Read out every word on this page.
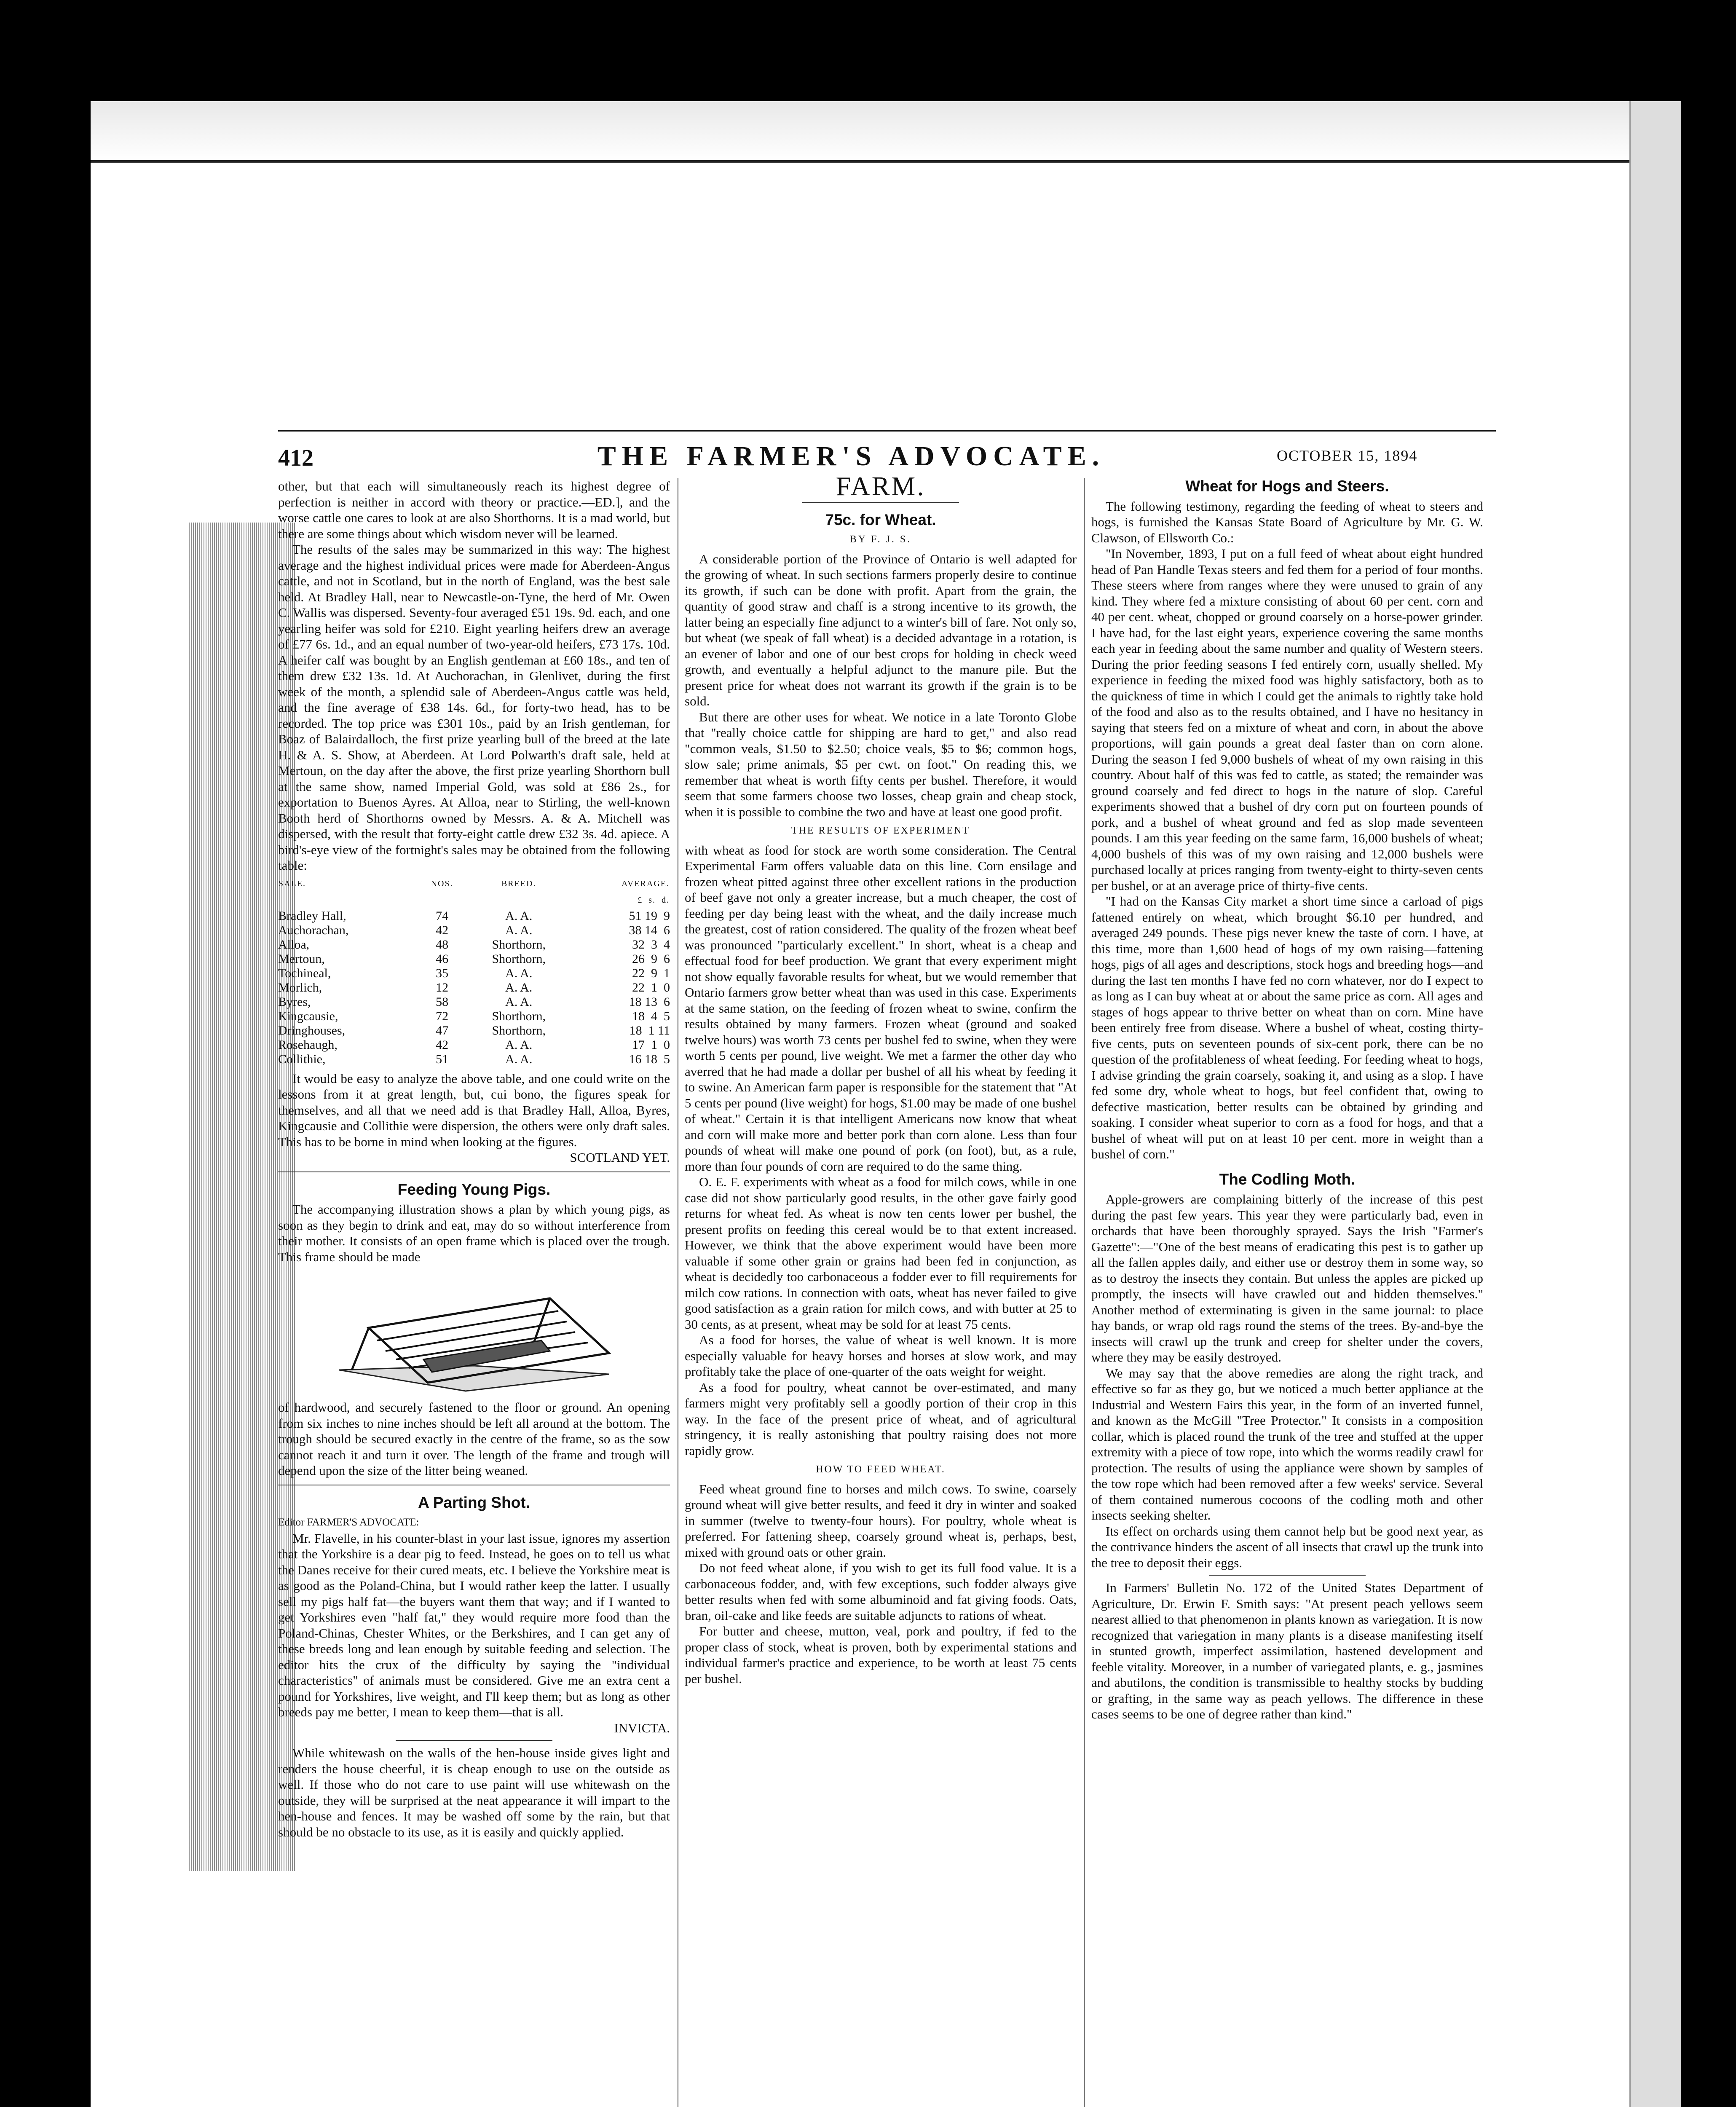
412	THE FARMER'S ADVOCATE.	OCTOBER 15, 1894

other, but that each will simultaneously reach its highest degree of perfection is neither in accord with theory or practice.—ED.], and the worse cattle one cares to look at are also Shorthorns. It is a mad world, but there are some things about which wisdom never will be learned.

The results of the sales may be summarized in this way: The highest average and the highest individual prices were made for Aberdeen-Angus cattle, and not in Scotland, but in the north of England, was the best sale held. At Bradley Hall, near to Newcastle-on-Tyne, the herd of Mr. Owen C. Wallis was dispersed. Seventy-four averaged £51 19s. 9d. each, and one yearling heifer was sold for £210. Eight yearling heifers drew an average of £77 6s. 1d., and an equal number of two-year-old heifers, £73 17s. 10d. A heifer calf was bought by an English gentleman at £60 18s., and ten of them drew £32 13s. 1d. At Auchorachan, in Glenlivet, during the first week of the month, a splendid sale of Aberdeen-Angus cattle was held, and the fine average of £38 14s. 6d., for forty-two head, has to be recorded. The top price was £301 10s., paid by an Irish gentleman, for Boaz of Balairdalloch, the first prize yearling bull of the breed at the late H. & A. S. Show, at Aberdeen. At Lord Polwarth's draft sale, held at Mertoun, on the day after the above, the first prize yearling Shorthorn bull at the same show, named Imperial Gold, was sold at £86 2s., for exportation to Buenos Ayres. At Alloa, near to Stirling, the well-known Booth herd of Shorthorns owned by Messrs. A. & A. Mitchell was dispersed, with the result that forty-eight cattle drew £32 3s. 4d. apiece. A bird's-eye view of the fortnight's sales may be obtained from the following table:

SALE.	NOS.	BREED.	AVERAGE.
			£  s.  d.
Bradley Hall,	74	A. A.	51 19  9
Auchorachan,	42	A. A.	38 14  6
Alloa,	48	Shorthorn,	32  3  4
Mertoun,	46	Shorthorn,	26  9  6
Tochineal,	35	A. A.	22  9  1
Morlich,	12	A. A.	22  1  0
Byres,	58	A. A.	18 13  6
Kingcausie,	72	Shorthorn,	18  4  5
Dringhouses,	47	Shorthorn,	18  1 11
Rosehaugh,	42	A. A.	17  1  0
Collithie,	51	A. A.	16 18  5

It would be easy to analyze the above table, and one could write on the lessons from it at great length, but, cui bono, the figures speak for themselves, and all that we need add is that Bradley Hall, Alloa, Byres, Kingcausie and Collithie were dispersion, the others were only draft sales. This has to be borne in mind when looking at the figures.

SCOTLAND YET.
Feeding Young Pigs.

The accompanying illustration shows a plan by which young pigs, as soon as they begin to drink and eat, may do so without interference from their mother. It consists of an open frame which is placed over the trough. This frame should be made

of hardwood, and securely fastened to the floor or ground. An opening from six inches to nine inches should be left all around at the bottom. The trough should be secured exactly in the centre of the frame, so as the sow cannot reach it and turn it over. The length of the frame and trough will depend upon the size of the litter being weaned.

A Parting Shot.
Editor FARMER'S ADVOCATE:

Mr. Flavelle, in his counter-blast in your last issue, ignores my assertion that the Yorkshire is a dear pig to feed. Instead, he goes on to tell us what the Danes receive for their cured meats, etc. I believe the Yorkshire meat is as good as the Poland-China, but I would rather keep the latter. I usually sell my pigs half fat—the buyers want them that way; and if I wanted to get Yorkshires even "half fat," they would require more food than the Poland-Chinas, Chester Whites, or the Berkshires, and I can get any of these breeds long and lean enough by suitable feeding and selection. The editor hits the crux of the difficulty by saying the "individual characteristics" of animals must be considered. Give me an extra cent a pound for Yorkshires, live weight, and I'll keep them; but as long as other breeds pay me better, I mean to keep them—that is all.

INVICTA.

While whitewash on the walls of the hen-house inside gives light and renders the house cheerful, it is cheap enough to use on the outside as well. If those who do not care to use paint will use whitewash on the outside, they will be surprised at the neat appearance it will impart to the hen-house and fences. It may be washed off some by the rain, but that should be no obstacle to its use, as it is easily and quickly applied.

FARM.
75c. for Wheat.
BY F. J. S.

A considerable portion of the Province of Ontario is well adapted for the growing of wheat. In such sections farmers properly desire to continue its growth, if such can be done with profit. Apart from the grain, the quantity of good straw and chaff is a strong incentive to its growth, the latter being an especially fine adjunct to a winter's bill of fare. Not only so, but wheat (we speak of fall wheat) is a decided advantage in a rotation, is an evener of labor and one of our best crops for holding in check weed growth, and eventually a helpful adjunct to the manure pile. But the present price for wheat does not warrant its growth if the grain is to be sold.

But there are other uses for wheat. We notice in a late Toronto Globe that "really choice cattle for shipping are hard to get," and also read "common veals, $1.50 to $2.50; choice veals, $5 to $6; common hogs, slow sale; prime animals, $5 per cwt. on foot." On reading this, we remember that wheat is worth fifty cents per bushel. Therefore, it would seem that some farmers choose two losses, cheap grain and cheap stock, when it is possible to combine the two and have at least one good profit.

THE RESULTS OF EXPERIMENT

with wheat as food for stock are worth some consideration. The Central Experimental Farm offers valuable data on this line. Corn ensilage and frozen wheat pitted against three other excellent rations in the production of beef gave not only a greater increase, but a much cheaper, the cost of feeding per day being least with the wheat, and the daily increase much the greatest, cost of ration considered. The quality of the frozen wheat beef was pronounced "particularly excellent." In short, wheat is a cheap and effectual food for beef production. We grant that every experiment might not show equally favorable results for wheat, but we would remember that Ontario farmers grow better wheat than was used in this case. Experiments at the same station, on the feeding of frozen wheat to swine, confirm the results obtained by many farmers. Frozen wheat (ground and soaked twelve hours) was worth 73 cents per bushel fed to swine, when they were worth 5 cents per pound, live weight. We met a farmer the other day who averred that he had made a dollar per bushel of all his wheat by feeding it to swine. An American farm paper is responsible for the statement that "At 5 cents per pound (live weight) for hogs, $1.00 may be made of one bushel of wheat." Certain it is that intelligent Americans now know that wheat and corn will make more and better pork than corn alone. Less than four pounds of wheat will make one pound of pork (on foot), but, as a rule, more than four pounds of corn are required to do the same thing.

O. E. F. experiments with wheat as a food for milch cows, while in one case did not show particularly good results, in the other gave fairly good returns for wheat fed. As wheat is now ten cents lower per bushel, the present profits on feeding this cereal would be to that extent increased. However, we think that the above experiment would have been more valuable if some other grain or grains had been fed in conjunction, as wheat is decidedly too carbonaceous a fodder ever to fill requirements for milch cow rations. In connection with oats, wheat has never failed to give good satisfaction as a grain ration for milch cows, and with butter at 25 to 30 cents, as at present, wheat may be sold for at least 75 cents.

As a food for horses, the value of wheat is well known. It is more especially valuable for heavy horses and horses at slow work, and may profitably take the place of one-quarter of the oats weight for weight.

As a food for poultry, wheat cannot be over-estimated, and many farmers might very profitably sell a goodly portion of their crop in this way. In the face of the present price of wheat, and of agricultural stringency, it is really astonishing that poultry raising does not more rapidly grow.

HOW TO FEED WHEAT.

Feed wheat ground fine to horses and milch cows. To swine, coarsely ground wheat will give better results, and feed it dry in winter and soaked in summer (twelve to twenty-four hours). For poultry, whole wheat is preferred. For fattening sheep, coarsely ground wheat is, perhaps, best, mixed with ground oats or other grain.

Do not feed wheat alone, if you wish to get its full food value. It is a carbonaceous fodder, and, with few exceptions, such fodder always give better results when fed with some albuminoid and fat giving foods. Oats, bran, oil-cake and like feeds are suitable adjuncts to rations of wheat.

For butter and cheese, mutton, veal, pork and poultry, if fed to the proper class of stock, wheat is proven, both by experimental stations and individual farmer's practice and experience, to be worth at least 75 cents per bushel.

Wheat for Hogs and Steers.

The following testimony, regarding the feeding of wheat to steers and hogs, is furnished the Kansas State Board of Agriculture by Mr. G. W. Clawson, of Ellsworth Co.:

"In November, 1893, I put on a full feed of wheat about eight hundred head of Pan Handle Texas steers and fed them for a period of four months. These steers where from ranges where they were unused to grain of any kind. They where fed a mixture consisting of about 60 per cent. corn and 40 per cent. wheat, chopped or ground coarsely on a horse-power grinder. I have had, for the last eight years, experience covering the same months each year in feeding about the same number and quality of Western steers. During the prior feeding seasons I fed entirely corn, usually shelled. My experience in feeding the mixed food was highly satisfactory, both as to the quickness of time in which I could get the animals to rightly take hold of the food and also as to the results obtained, and I have no hesitancy in saying that steers fed on a mixture of wheat and corn, in about the above proportions, will gain pounds a great deal faster than on corn alone. During the season I fed 9,000 bushels of wheat of my own raising in this country. About half of this was fed to cattle, as stated; the remainder was ground coarsely and fed direct to hogs in the nature of slop. Careful experiments showed that a bushel of dry corn put on fourteen pounds of pork, and a bushel of wheat ground and fed as slop made seventeen pounds. I am this year feeding on the same farm, 16,000 bushels of wheat; 4,000 bushels of this was of my own raising and 12,000 bushels were purchased locally at prices ranging from twenty-eight to thirty-seven cents per bushel, or at an average price of thirty-five cents.

"I had on the Kansas City market a short time since a carload of pigs fattened entirely on wheat, which brought $6.10 per hundred, and averaged 249 pounds. These pigs never knew the taste of corn. I have, at this time, more than 1,600 head of hogs of my own raising—fattening hogs, pigs of all ages and descriptions, stock hogs and breeding hogs—and during the last ten months I have fed no corn whatever, nor do I expect to as long as I can buy wheat at or about the same price as corn. All ages and stages of hogs appear to thrive better on wheat than on corn. Mine have been entirely free from disease. Where a bushel of wheat, costing thirty-five cents, puts on seventeen pounds of six-cent pork, there can be no question of the profitableness of wheat feeding. For feeding wheat to hogs, I advise grinding the grain coarsely, soaking it, and using as a slop. I have fed some dry, whole wheat to hogs, but feel confident that, owing to defective mastication, better results can be obtained by grinding and soaking. I consider wheat superior to corn as a food for hogs, and that a bushel of wheat will put on at least 10 per cent. more in weight than a bushel of corn."

The Codling Moth.

Apple-growers are complaining bitterly of the increase of this pest during the past few years. This year they were particularly bad, even in orchards that have been thoroughly sprayed. Says the Irish "Farmer's Gazette":—"One of the best means of eradicating this pest is to gather up all the fallen apples daily, and either use or destroy them in some way, so as to destroy the insects they contain. But unless the apples are picked up promptly, the insects will have crawled out and hidden themselves." Another method of exterminating is given in the same journal: to place hay bands, or wrap old rags round the stems of the trees. By-and-bye the insects will crawl up the trunk and creep for shelter under the covers, where they may be easily destroyed.

We may say that the above remedies are along the right track, and effective so far as they go, but we noticed a much better appliance at the Industrial and Western Fairs this year, in the form of an inverted funnel, and known as the McGill "Tree Protector." It consists in a composition collar, which is placed round the trunk of the tree and stuffed at the upper extremity with a piece of tow rope, into which the worms readily crawl for protection. The results of using the appliance were shown by samples of the tow rope which had been removed after a few weeks' service. Several of them contained numerous cocoons of the codling moth and other insects seeking shelter.

Its effect on orchards using them cannot help but be good next year, as the contrivance hinders the ascent of all insects that crawl up the trunk into the tree to deposit their eggs.

In Farmers' Bulletin No. 172 of the United States Department of Agriculture, Dr. Erwin F. Smith says: "At present peach yellows seem nearest allied to that phenomenon in plants known as variegation. It is now recognized that variegation in many plants is a disease manifesting itself in stunted growth, imperfect assimilation, hastened development and feeble vitality. Moreover, in a number of variegated plants, e. g., jasmines and abutilons, the condition is transmissible to healthy stocks by budding or grafting, in the same way as peach yellows. The difference in these cases seems to be one of degree rather than kind."
